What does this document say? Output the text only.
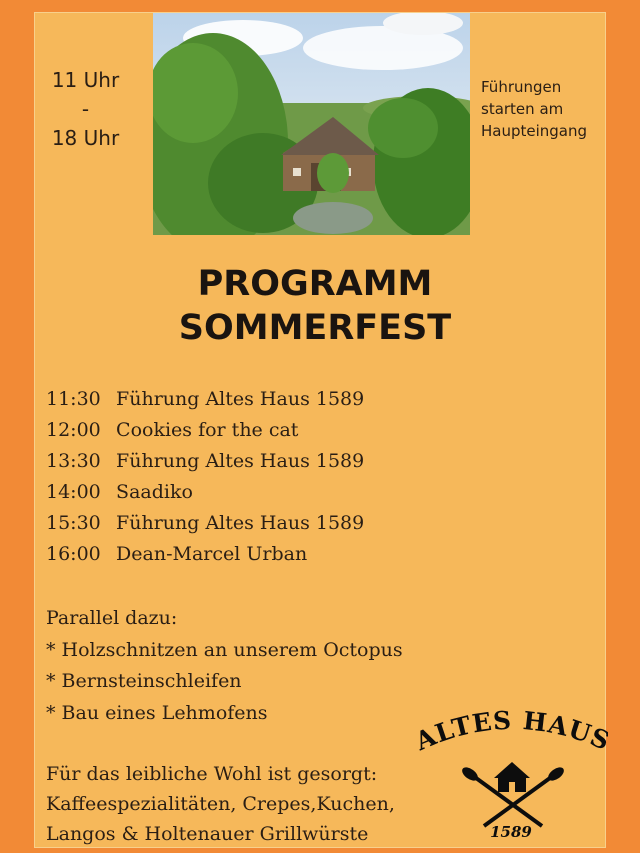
11 Uhr
-
18 Uhr
Führungen
starten am
Haupteingang
PROGRAMM
SOMMERFEST
11:30 Führung Altes Haus 1589
12:00 Cookies for the cat
13:30 Führung Altes Haus 1589
14:00 Saadiko
15:30 Führung Altes Haus 1589
16:00 Dean-Marcel Urban
Parallel dazu:
* Holzschnitzen an unserem Octopus
* Bernsteinschleifen
* Bau eines Lehmofens
Für das leibliche Wohl ist gesorgt:
Kaffeespezialitäten, Crepes,Kuchen,
Langos & Holtenauer Grillwürste
ALTES HAU
1589
